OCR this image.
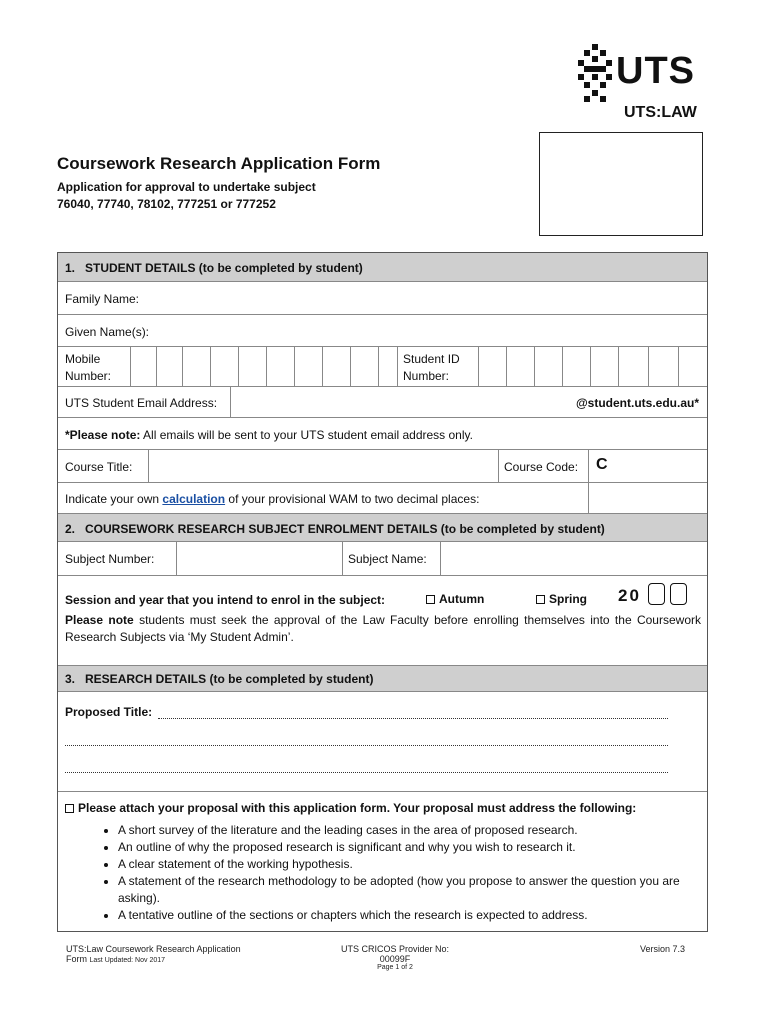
UTS
UTS:LAW
Coursework Research Application Form
Application for approval to undertake subject 76040, 77740, 78102, 777251 or 777252
1.   STUDENT DETAILS (to be completed by student)
Family Name:
Given Name(s):
Mobile Number:
Student ID Number:
UTS Student Email Address:	@student.uts.edu.au*
*Please note: All emails will be sent to your UTS student email address only.
Course Title:	Course Code: C
Indicate your own calculation of your provisional WAM to two decimal places:
2.   COURSEWORK RESEARCH SUBJECT ENROLMENT DETAILS (to be completed by student)
Subject Number:	Subject Name:
Session and year that you intend to enrol in the subject:	Autumn	Spring 20
Please note students must seek the approval of the Law Faculty before enrolling themselves into the Coursework Research Subjects via ‘My Student Admin’.
3.   RESEARCH DETAILS (to be completed by student)
Proposed Title:
Please attach your proposal with this application form. Your proposal must address the following:
• A short survey of the literature and the leading cases in the area of proposed research.
• An outline of why the proposed research is significant and why you wish to research it.
• A clear statement of the working hypothesis.
• A statement of the research methodology to be adopted (how you propose to answer the question you are asking).
• A tentative outline of the sections or chapters which the research is expected to address.
UTS:Law Coursework Research Application
Form Last Updated: Nov 2017
UTS CRICOS Provider No: 00099F
Page 1 of 2
Version 7.3
